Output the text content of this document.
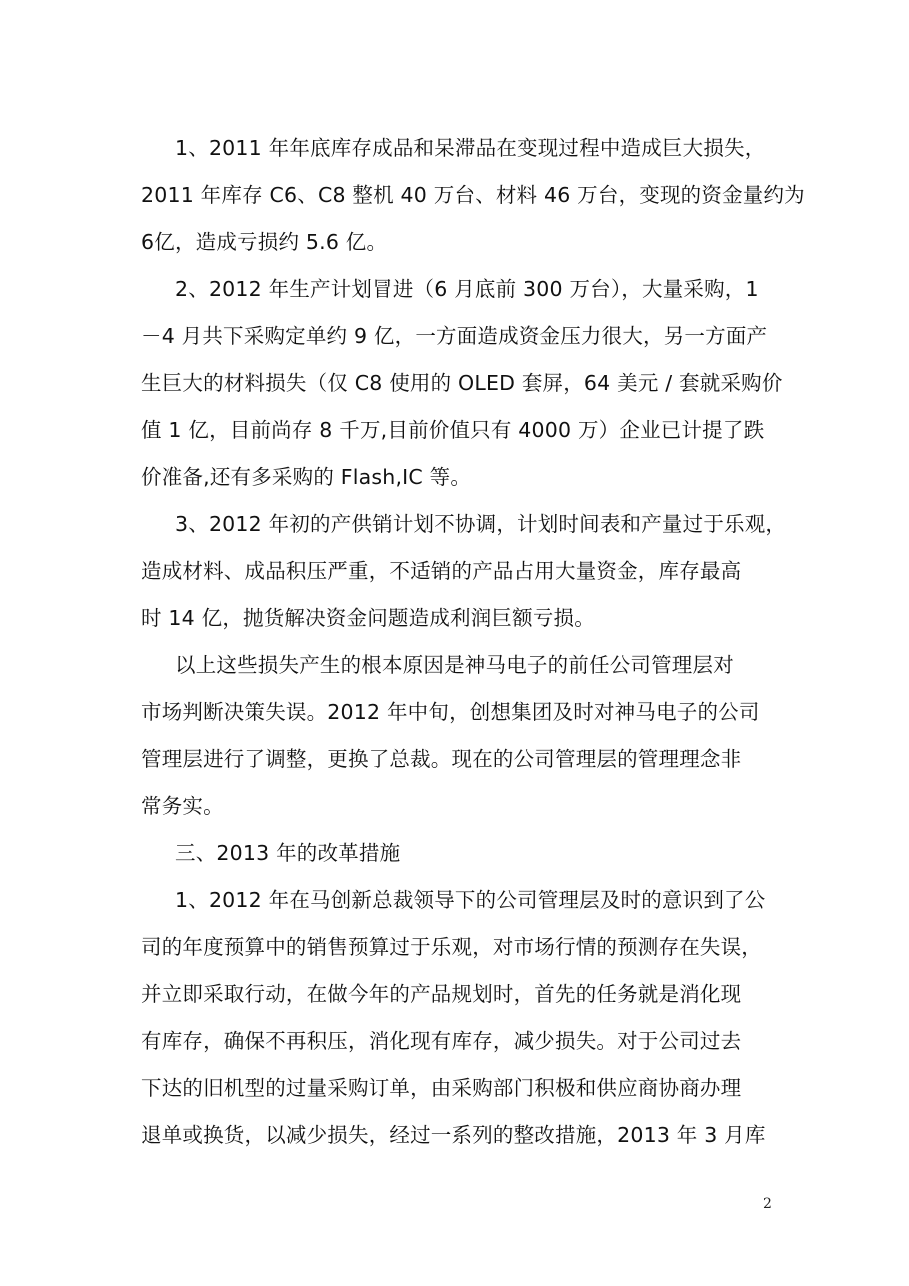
1、2011 年年底库存成品和呆滞品在变现过程中造成巨大损失，
2011 年库存 C6、C8 整机 40 万台、材料 46 万台，变现的资金量约为
6亿，造成亏损约 5.6 亿。
2、2012 年生产计划冒进（6 月底前 300 万台），大量采购，1
－4 月共下采购定单约 9 亿，一方面造成资金压力很大，另一方面产
生巨大的材料损失（仅 C8 使用的 OLED 套屏，64 美元 / 套就采购价
值 1 亿，目前尚存 8 千万,目前价值只有 4000 万）企业已计提了跌
价准备,还有多采购的 Flash,IC 等。
3、2012 年初的产供销计划不协调，计划时间表和产量过于乐观，
造成材料、成品积压严重，不适销的产品占用大量资金，库存最高
时 14 亿，抛货解决资金问题造成利润巨额亏损。
以上这些损失产生的根本原因是神马电子的前任公司管理层对
市场判断决策失误。2012 年中旬，创想集团及时对神马电子的公司
管理层进行了调整，更换了总裁。现在的公司管理层的管理理念非
常务实。
三、2013 年的改革措施
1、2012 年在马创新总裁领导下的公司管理层及时的意识到了公
司的年度预算中的销售预算过于乐观，对市场行情的预测存在失误，
并立即采取行动，在做今年的产品规划时，首先的任务就是消化现
有库存，确保不再积压，消化现有库存，减少损失。对于公司过去
下达的旧机型的过量采购订单，由采购部门积极和供应商协商办理
退单或换货，以减少损失，经过一系列的整改措施，2013 年 3 月库
2
